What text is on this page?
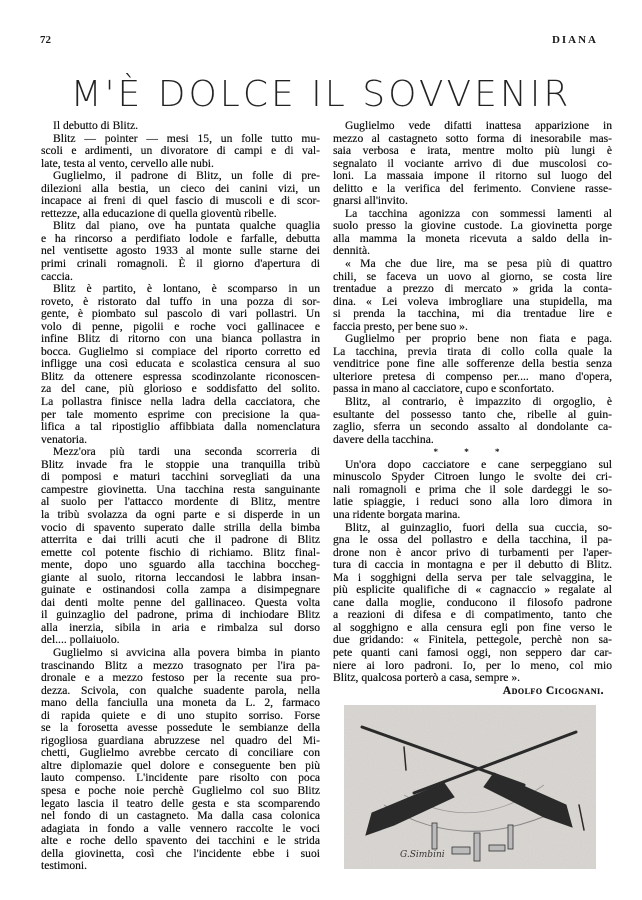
72	DIANA
M'È DOLCE IL SOVVENIR
Il debutto di Blitz.
Blitz — pointer — mesi 15, un folle tutto mu-
scoli e ardimenti, un divoratore di campi e di val-
late, testa al vento, cervello alle nubi.
Guglielmo, il padrone di Blitz, un folle di pre-
dilezioni alla bestia, un cieco dei canini vizi, un
incapace ai freni di quel fascio di muscoli e di scor-
rettezze, alla educazione di quella gioventù ribelle.
Blitz dal piano, ove ha puntata qualche quaglia
e ha rincorso a perdifiato lodole e farfalle, debutta
nel ventisette agosto 1933 al monte sulle starne dei
primi crinali romagnoli. È il giorno d'apertura di
caccia.
Blitz è partito, è lontano, è scomparso in un
roveto, è ristorato dal tuffo in una pozza di sor-
gente, è piombato sul pascolo di vari pollastri. Un
volo di penne, pigolii e roche voci gallinacee e
infine Blitz di ritorno con una bianca pollastra in
bocca. Guglielmo si compiace del riporto corretto ed
infligge una così educata e scolastica censura al suo
Blitz da ottenere espressa scodinzolante riconoscen-
za del cane, più glorioso e soddisfatto del solito.
La pollastra finisce nella ladra della cacciatora, che
per tale momento esprime con precisione la qua-
lifica a tal ripostiglio affibbiata dalla nomenclatura
venatoria.
Mezz'ora più tardi una seconda scorreria di
Blitz invade fra le stoppie una tranquilla tribù
di pomposi e maturi tacchini sorvegliati da una
campestre giovinetta. Una tacchina resta sanguinante
al suolo per l'attacco mordente di Blitz, mentre
la tribù svolazza da ogni parte e si disperde in un
vocio di spavento superato dalle strilla della bimba
atterrita e dai trilli acuti che il padrone di Blitz
emette col potente fischio di richiamo. Blitz final-
mente, dopo uno sguardo alla tacchina boccheg-
giante al suolo, ritorna leccandosi le labbra insan-
guinate e ostinandosi colla zampa a disimpegnare
dai denti molte penne del gallinaceo. Questa volta
il guinzaglio del padrone, prima di inchiodare Blitz
alla inerzia, sibila in aria e rimbalza sul dorso
del.... pollaiuolo.
Guglielmo si avvicina alla povera bimba in pianto
trascinando Blitz a mezzo trasognato per l'ira pa-
dronale e a mezzo festoso per la recente sua pro-
dezza. Scivola, con qualche suadente parola, nella
mano della fanciulla una moneta da L. 2, farmaco
di rapida quiete e di uno stupito sorriso. Forse
se la forosetta avesse possedute le sembianze della
rigogliosa guardiana abruzzese nel quadro del Mi-
chetti, Guglielmo avrebbe cercato di conciliare con
altre diplomazie quel dolore e conseguente ben più
lauto compenso. L'incidente pare risolto con poca
spesa e poche noie perchè Guglielmo col suo Blitz
legato lascia il teatro delle gesta e sta scomparendo
nel fondo di un castagneto. Ma dalla casa colonica
adagiata in fondo a valle vennero raccolte le voci
alte e roche dello spavento dei tacchini e le strida
della giovinetta, così che l'incidente ebbe i suoi
testimoni.
Guglielmo vede difatti inattesa apparizione in
mezzo al castagneto sotto forma di inesorabile mas-
saia verbosa e irata, mentre molto più lungi è
segnalato il vociante arrivo di due muscolosi co-
loni. La massaia impone il ritorno sul luogo del
delitto e la verifica del ferimento. Conviene rasse-
gnarsi all'invito.
La tacchina agonizza con sommessi lamenti al
suolo presso la giovine custode. La giovinetta porge
alla mamma la moneta ricevuta a saldo della in-
dennità.
« Ma che due lire, ma se pesa più di quattro
chili, se faceva un uovo al giorno, se costa lire
trentadue a prezzo di mercato » grida la conta-
dina. « Lei voleva imbrogliare una stupidella, ma
si prenda la tacchina, mi dia trentadue lire e
faccia presto, per bene suo ».
Guglielmo per proprio bene non fiata e paga.
La tacchina, previa tirata di collo colla quale la
venditrice pone fine alle sofferenze della bestia senza
ulteriore pretesa di compenso per.... mano d'opera,
passa in mano al cacciatore, cupo e sconfortato.
Blitz, al contrario, è impazzito di orgoglio, è
esultante del possesso tanto che, ribelle al guin-
zaglio, sferra un secondo assalto al dondolante ca-
davere della tacchina.
* * *
Un'ora dopo cacciatore e cane serpeggiano sul
minuscolo Spyder Citroen lungo le svolte dei cri-
nali romagnoli e prima che il sole dardeggi le so-
latie spiaggie, i reduci sono alla loro dimora in
una ridente borgata marina.
Blitz, al guinzaglio, fuori della sua cuccia, so-
gna le ossa del pollastro e della tacchina, il pa-
drone non è ancor privo di turbamenti per l'aper-
tura di caccia in montagna e per il debutto di Blitz.
Ma i sogghigni della serva per tale selvaggina, le
più esplicite qualifiche di « cagnaccio » regalate al
cane dalla moglie, conducono il filosofo padrone
a reazioni di difesa e di compatimento, tanto che
al sogghigno e alla censura egli pon fine verso le
due gridando: « Finitela, pettegole, perchè non sa-
pete quanti cani famosi oggi, non seppero dar car-
niere ai loro padroni. Io, per lo meno, col mio
Blitz, qualcosa porterò a casa, sempre ».
Adolfo Cicognani.
G.Simbini
